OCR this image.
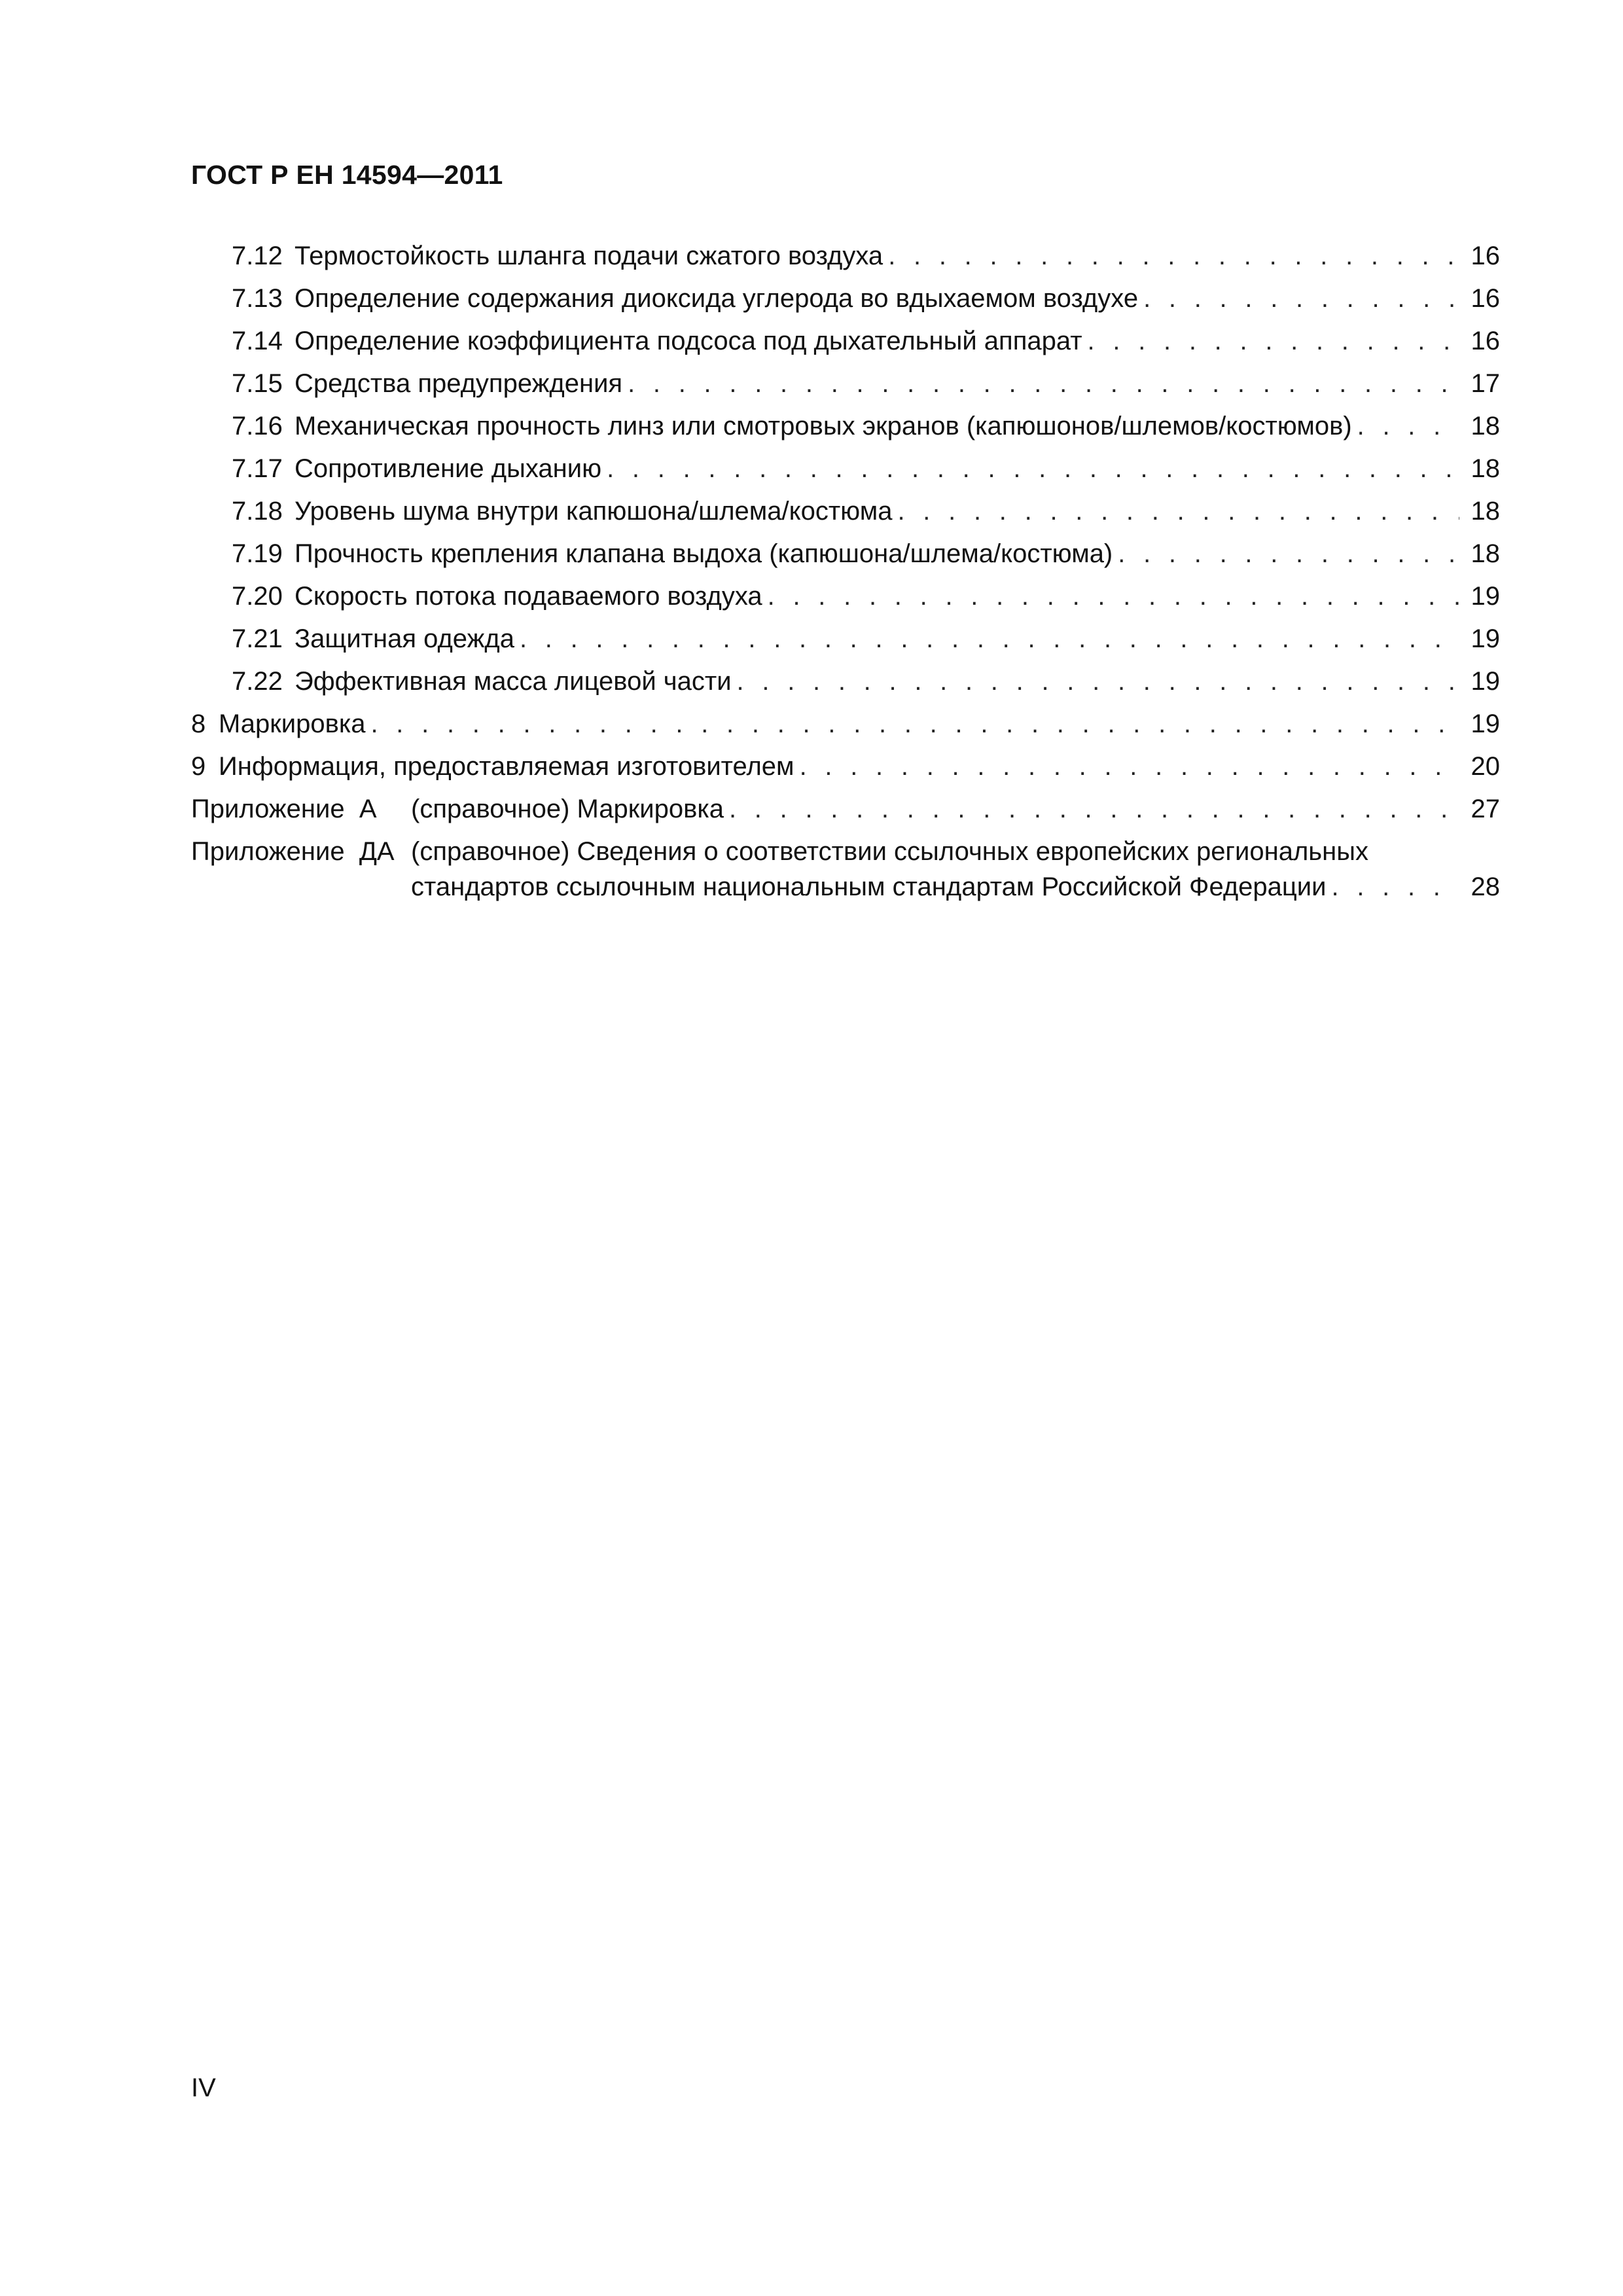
ГОСТ Р ЕН 14594—2011
7.12 Термостойкость шланга подачи сжатого воздуха . . .	16
7.13 Определение содержания диоксида углерода во вдыхаемом воздухе . . .	16
7.14 Определение коэффициента подсоса под дыхательный аппарат . . .	16
7.15 Средства предупреждения . . .	17
7.16 Механическая прочность линз или смотровых экранов (капюшонов/шлемов/костюмов) . . .	18
7.17 Сопротивление дыханию . . .	18
7.18 Уровень шума внутри капюшона/шлема/костюма . . .	18
7.19 Прочность крепления клапана выдоха (капюшона/шлема/костюма) . . .	18
7.20 Скорость потока подаваемого воздуха . . .	19
7.21 Защитная одежда . . .	19
7.22 Эффективная масса лицевой части . . .	19
8 Маркировка . . .	19
9 Информация, предоставляемая изготовителем . . .	20
Приложение  А	(справочное) Маркировка . . .	27
Приложение  ДА (справочное) Сведения о соответствии ссылочных европейских региональных
стандартов ссылочным национальным стандартам Российской Федерации . . .	28
IV
